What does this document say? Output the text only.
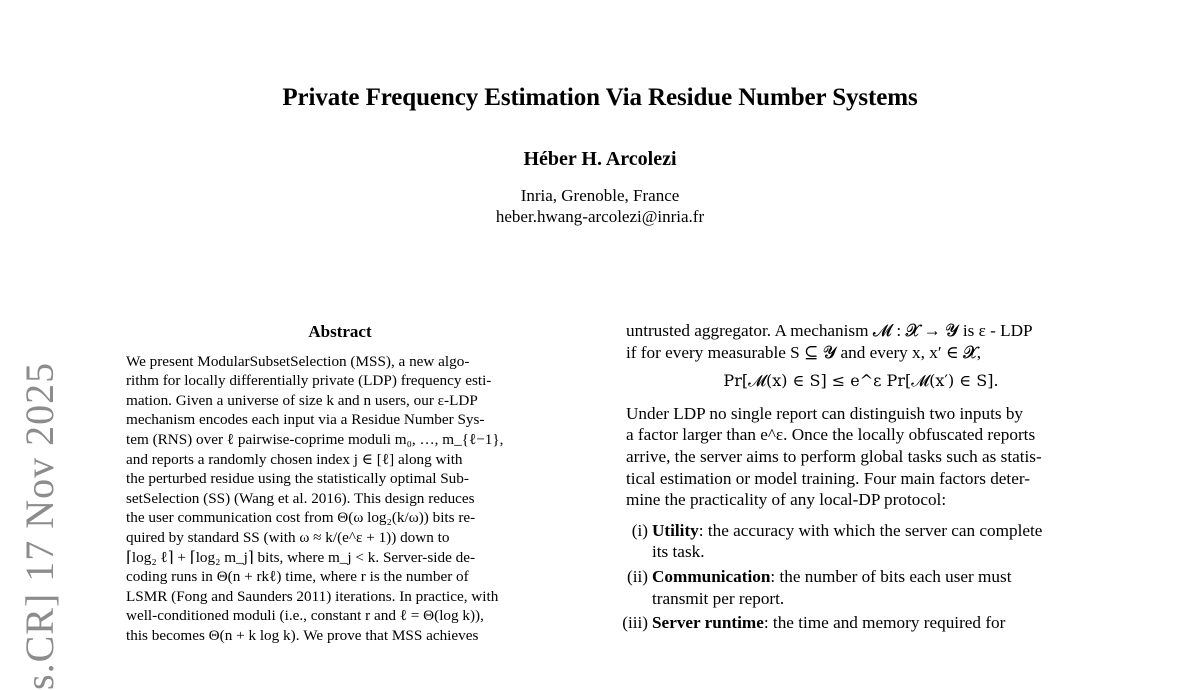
Private Frequency Estimation Via Residue Number Systems
Héber H. Arcolezi
Inria, Grenoble, France
heber.hwang-arcolezi@inria.fr
s.CR] 17 Nov 2025
Abstract
We present ModularSubsetSelection (MSS), a new algo-
rithm for locally differentially private (LDP) frequency esti-
mation. Given a universe of size k and n users, our ε-LDP
mechanism encodes each input via a Residue Number Sys-
tem (RNS) over ℓ pairwise-coprime moduli m₀, …, m_{ℓ−1},
and reports a randomly chosen index j ∈ [ℓ] along with
the perturbed residue using the statistically optimal Sub-
setSelection (SS) (Wang et al. 2016). This design reduces
the user communication cost from Θ(ω log₂(k/ω)) bits re-
quired by standard SS (with ω ≈ k/(e^ε + 1)) down to
⌈log₂ ℓ⌉ + ⌈log₂ m_j⌉ bits, where m_j < k. Server-side de-
coding runs in Θ(n + rkℓ) time, where r is the number of
LSMR (Fong and Saunders 2011) iterations. In practice, with
well-conditioned moduli (i.e., constant r and ℓ = Θ(log k)),
this becomes Θ(n + k log k). We prove that MSS achieves
untrusted aggregator. A mechanism 𝓜 : 𝓧 → 𝓨 is ε - LDP
if for every measurable S ⊆ 𝓨 and every x, x′ ∈ 𝓧,
Pr[𝓜(x) ∈ S] ≤ e^ε Pr[𝓜(x′) ∈ S].
Under LDP no single report can distinguish two inputs by
a factor larger than e^ε. Once the locally obfuscated reports
arrive, the server aims to perform global tasks such as statis-
tical estimation or model training. Four main factors deter-
mine the practicality of any local-DP protocol:
(i) Utility: the accuracy with which the server can complete
its task.
(ii) Communication: the number of bits each user must
transmit per report.
(iii) Server runtime: the time and memory required for
